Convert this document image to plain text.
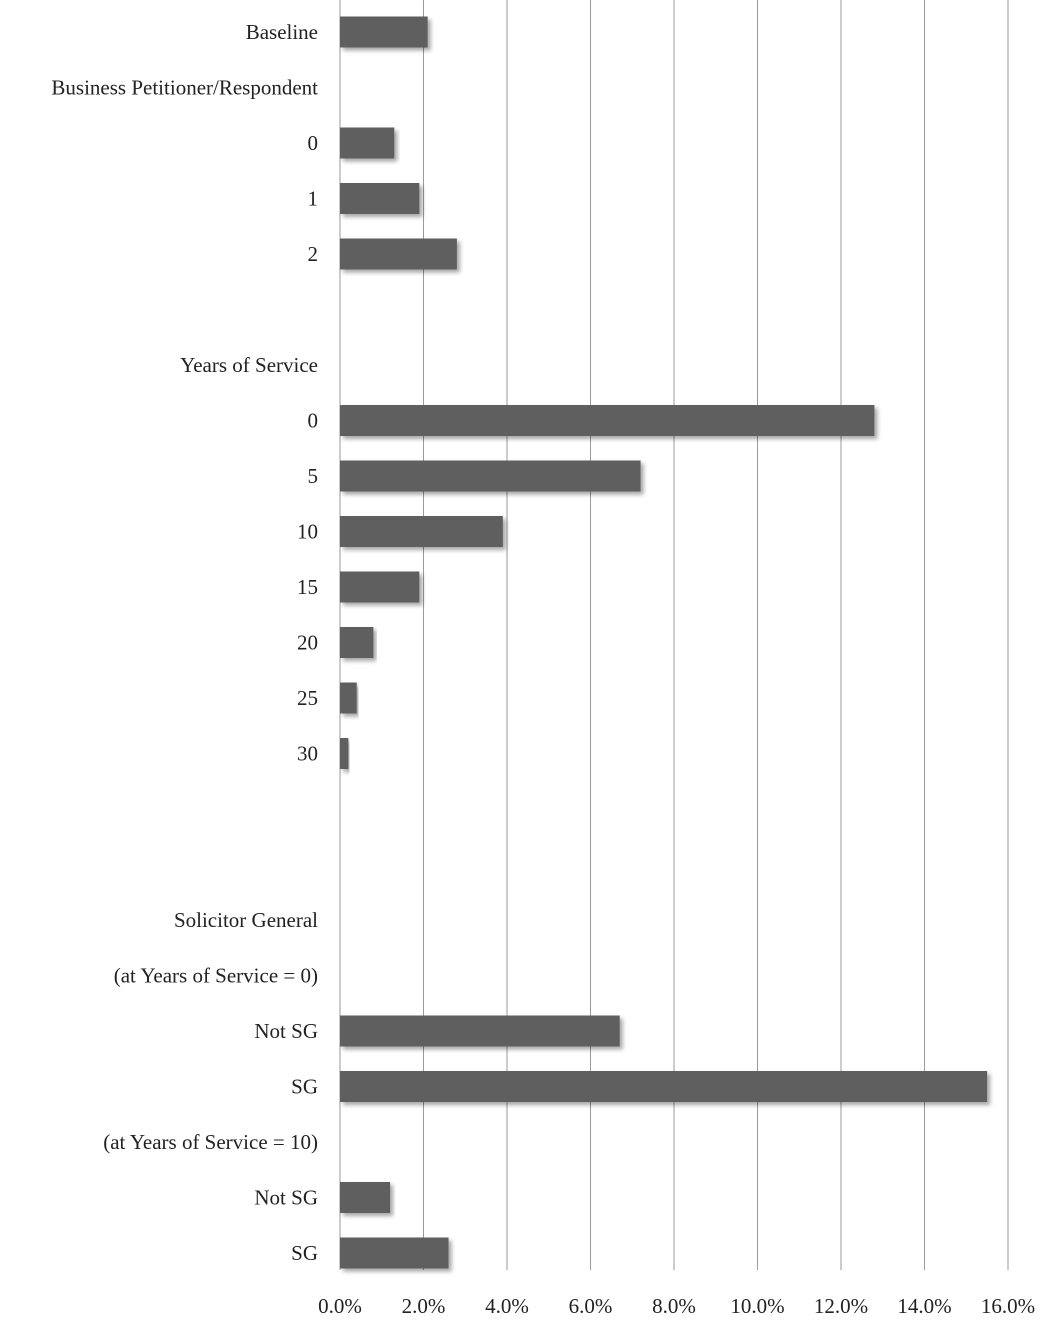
Baseline
Business Petitioner/Respondent
0
1
2
Years of Service
0
5
10
15
20
25
30
Solicitor General
(at Years of Service = 0)
Not SG
SG
(at Years of Service = 10)
Not SG
SG
0.0% 2.0% 4.0% 6.0% 8.0% 10.0% 12.0% 14.0% 16.0%
